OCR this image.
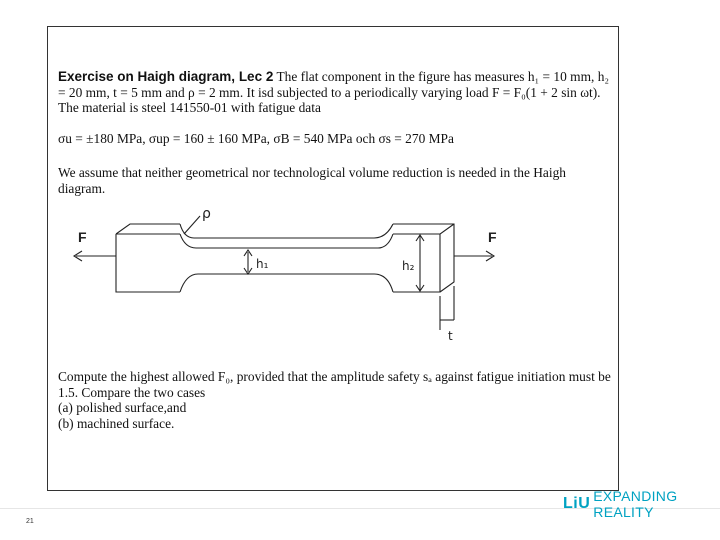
Exercise on Haigh diagram, Lec 2 The flat component in the figure has measures h₁ = 10 mm, h₂ = 20 mm, t = 5 mm and ρ = 2 mm. It isd subjected to a periodically varying load F = F₀(1 + 2 sin ωt). The material is steel 141550-01 with fatigue data
σu = ±180 MPa, σup = 160 ± 160 MPa, σB = 540 MPa och σs = 270 MPa
We assume that neither geometrical nor technological volume reduction is needed in the Haigh diagram.
F	F
ρ
h₁	h₂
t
Compute the highest allowed F₀, provided that the amplitude safety sₐ against fatigue initiation must be 1.5. Compare the two cases
(a) polished surface,and
(b) machined surface.
21
LiU EXPANDING REALITY
